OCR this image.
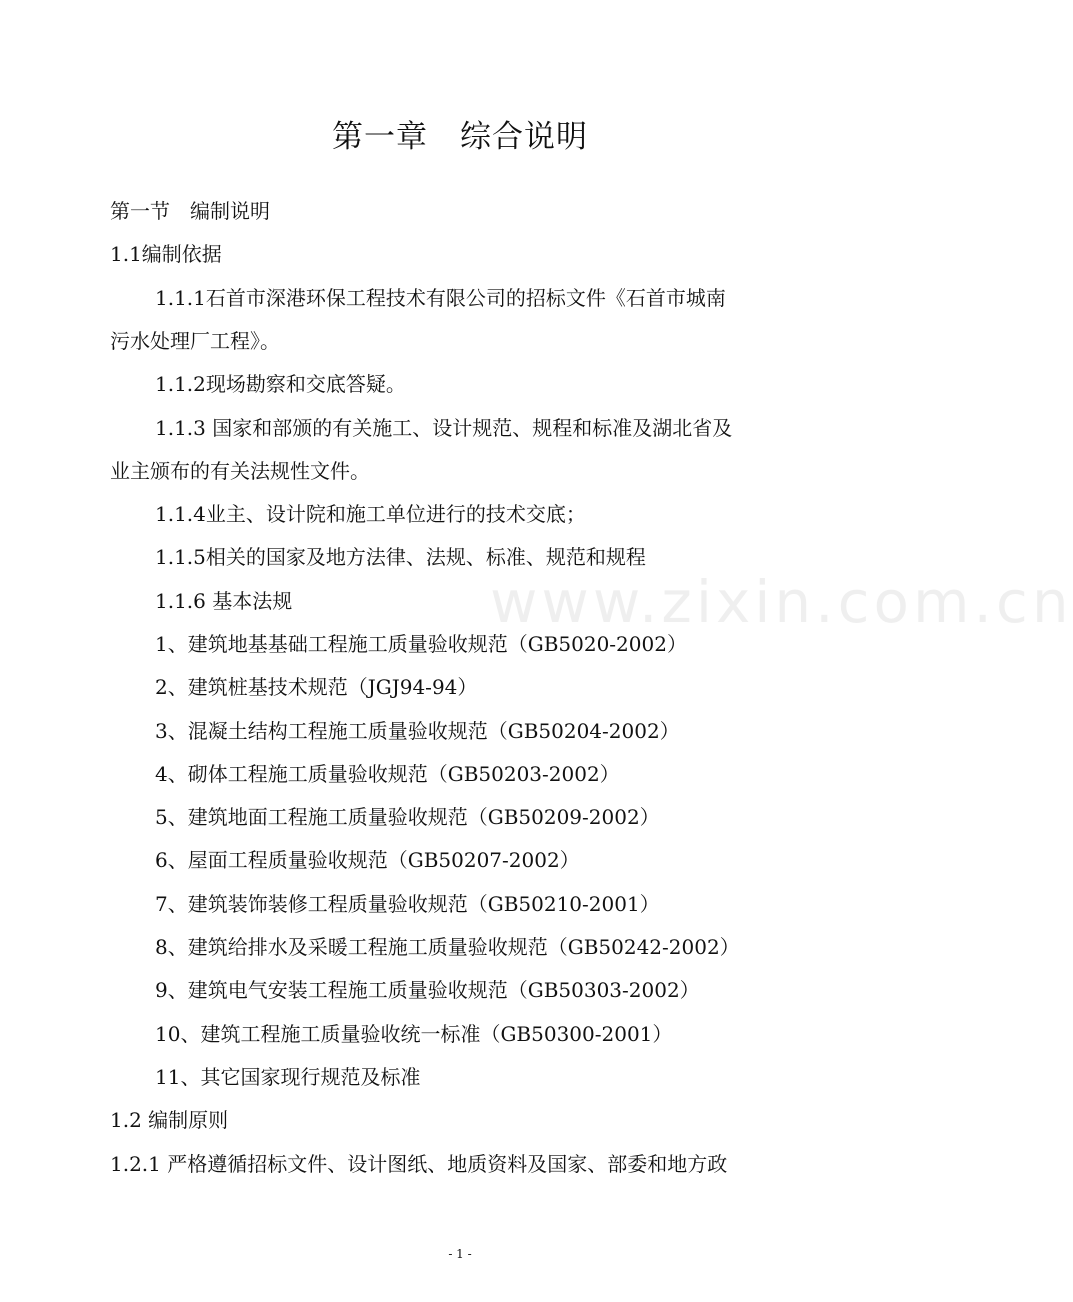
第一章　综合说明
第一节　编制说明
1.1编制依据
1.1.1石首市深港环保工程技术有限公司的招标文件《石首市城南
污水处理厂工程》。
1.1.2现场勘察和交底答疑。
1.1.3 国家和部颁的有关施工、设计规范、规程和标准及湖北省及
业主颁布的有关法规性文件。
1.1.4业主、设计院和施工单位进行的技术交底；
1.1.5相关的国家及地方法律、法规、标准、规范和规程
1.1.6 基本法规
1、建筑地基基础工程施工质量验收规范（GB5020-2002）
2、建筑桩基技术规范（JGJ94-94）
3、混凝土结构工程施工质量验收规范（GB50204-2002）
4、砌体工程施工质量验收规范（GB50203-2002）
5、建筑地面工程施工质量验收规范（GB50209-2002）
6、屋面工程质量验收规范（GB50207-2002）
7、建筑装饰装修工程质量验收规范（GB50210-2001）
8、建筑给排水及采暖工程施工质量验收规范（GB50242-2002）
9、建筑电气安装工程施工质量验收规范（GB50303-2002）
10、建筑工程施工质量验收统一标准（GB50300-2001）
11、其它国家现行规范及标准
1.2 编制原则
1.2.1 严格遵循招标文件、设计图纸、地质资料及国家、部委和地方政
www.zixin.com.cn
- 1 -
